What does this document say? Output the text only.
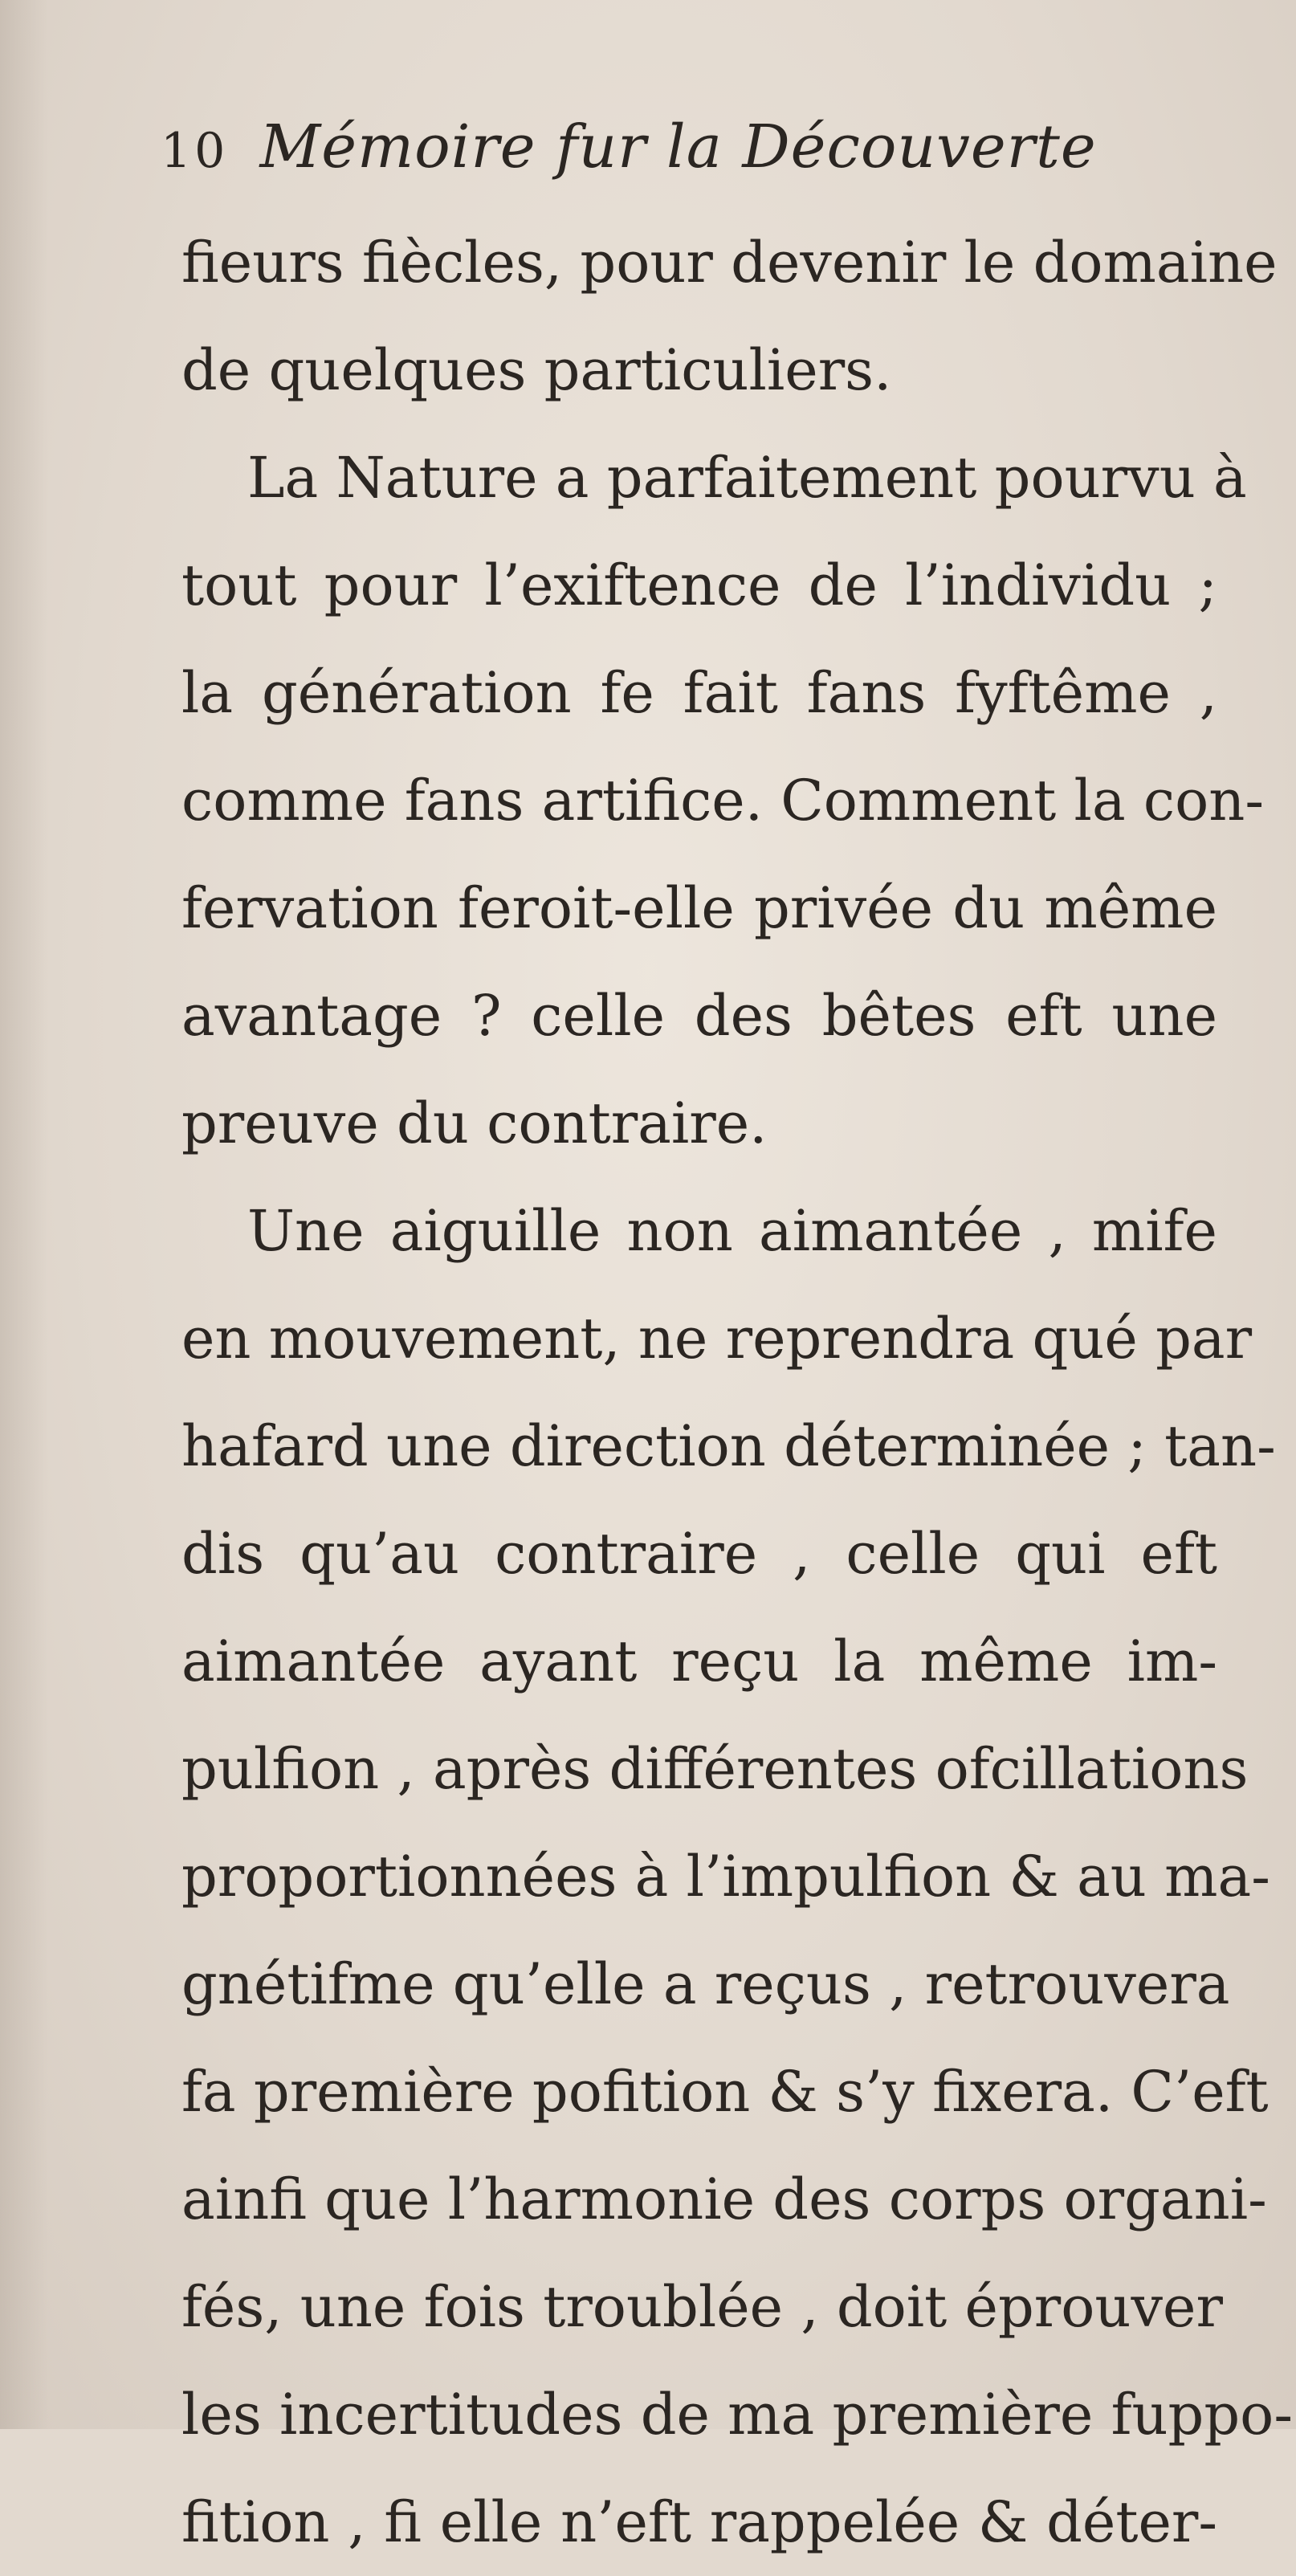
10 Mémoire fur la Découverte
fieurs fiècles, pour devenir le domaine
de quelques particuliers.
La Nature a parfaitement pourvu à
tout pour l’exiftence de l’individu ;
la génération fe fait fans fyftême ,
comme fans artifice. Comment la con-
fervation feroit-elle privée du même
avantage ? celle des bêtes eft une
preuve du contraire.
Une aiguille non aimantée , mife
en mouvement, ne reprendra qué par
hafard une direction déterminée ; tan-
dis qu’au contraire , celle qui eft
aimantée ayant reçu la même im-
pulfion , après différentes ofcillations
proportionnées à l’impulfion & au ma-
gnétifme qu’elle a reçus , retrouvera
fa première pofition & s’y fixera. C’eft
ainfi que l’harmonie des corps organi-
fés, une fois troublée , doit éprouver
les incertitudes de ma première fuppo-
fition , fi elle n’eft rappelée & déter-
